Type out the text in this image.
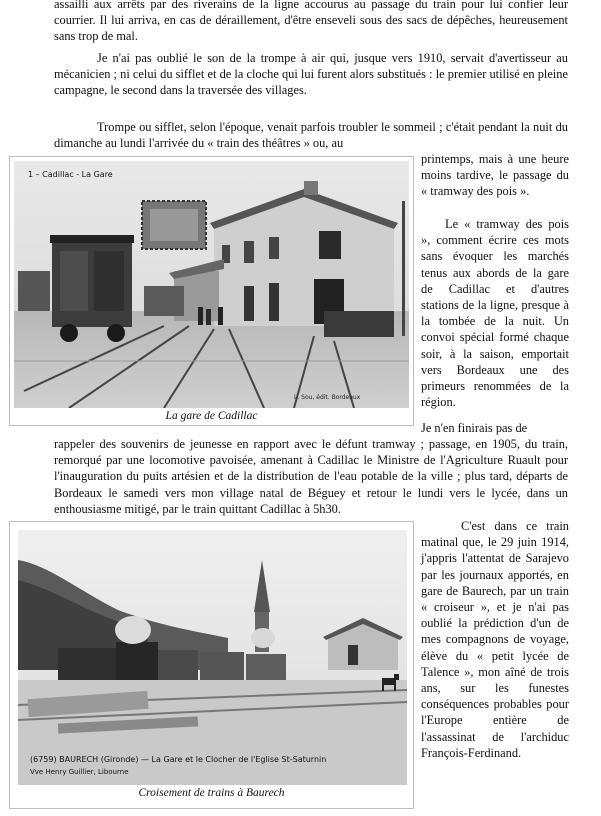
assailli aux arrêts par des riverains de la ligne accourus au passage du train pour lui confier leur courrier. Il lui arriva, en cas de déraillement, d'être enseveli sous des sacs de dépêches, heureusement sans trop de mal.
Je n'ai pas oublié le son de la trompe à air qui, jusque vers 1910, servait d'avertisseur au mécanicien ; ni celui du sifflet et de la cloche qui lui furent alors substitués : le premier utilisé en pleine campagne, le second dans la traversée des villages.
Trompe ou sifflet, selon l'époque, venait parfois troubler le sommeil ; c'était pendant la nuit du dimanche au lundi l'arrivée du « train des théâtres » ou, au
1 – Cadillac - La Gare
L. Sou, édit. Bordeaux
La gare de Cadillac
printemps, mais à une heure moins tardive, le passage du « tramway des pois ».
Le « tramway des pois », comment écrire ces mots sans évoquer les marchés tenus aux abords de la gare de Cadillac et d'autres stations de la ligne, presque à la tombée de la nuit. Un convoi spécial formé chaque soir, à la saison, emportait vers Bordeaux une des primeurs renommées de la région.
Je n'en finirais pas de
rappeler des souvenirs de jeunesse en rapport avec le défunt tramway ; passage, en 1905, du train, remorqué par une locomotive pavoisée, amenant à Cadillac le Ministre de l'Agriculture Ruault pour l'inauguration du puits artésien et de la distribution de l'eau potable de la ville ; plus tard, départs de Bordeaux le samedi vers mon village natal de Béguey et retour le lundi vers le lycée, dans un enthousiasme mitigé, par le train quittant Cadillac à 5h30.
(6759) BAURECH (Gironde) — La Gare et le Clocher de l'Eglise St-Saturnin
Vve Henry Guillier, Libourne
Croisement de trains à Baurech
C'est dans ce train matinal que, le 29 juin 1914, j'appris l'attentat de Sarajevo par les journaux apportés, en gare de Baurech, par un train « croiseur », et je n'ai pas oublié la prédiction d'un de mes compagnons de voyage, élève du « petit lycée de Talence », mon aîné de trois ans, sur les funestes conséquences probables pour l'Europe entière de l'assassinat de l'archiduc François-Ferdinand.
